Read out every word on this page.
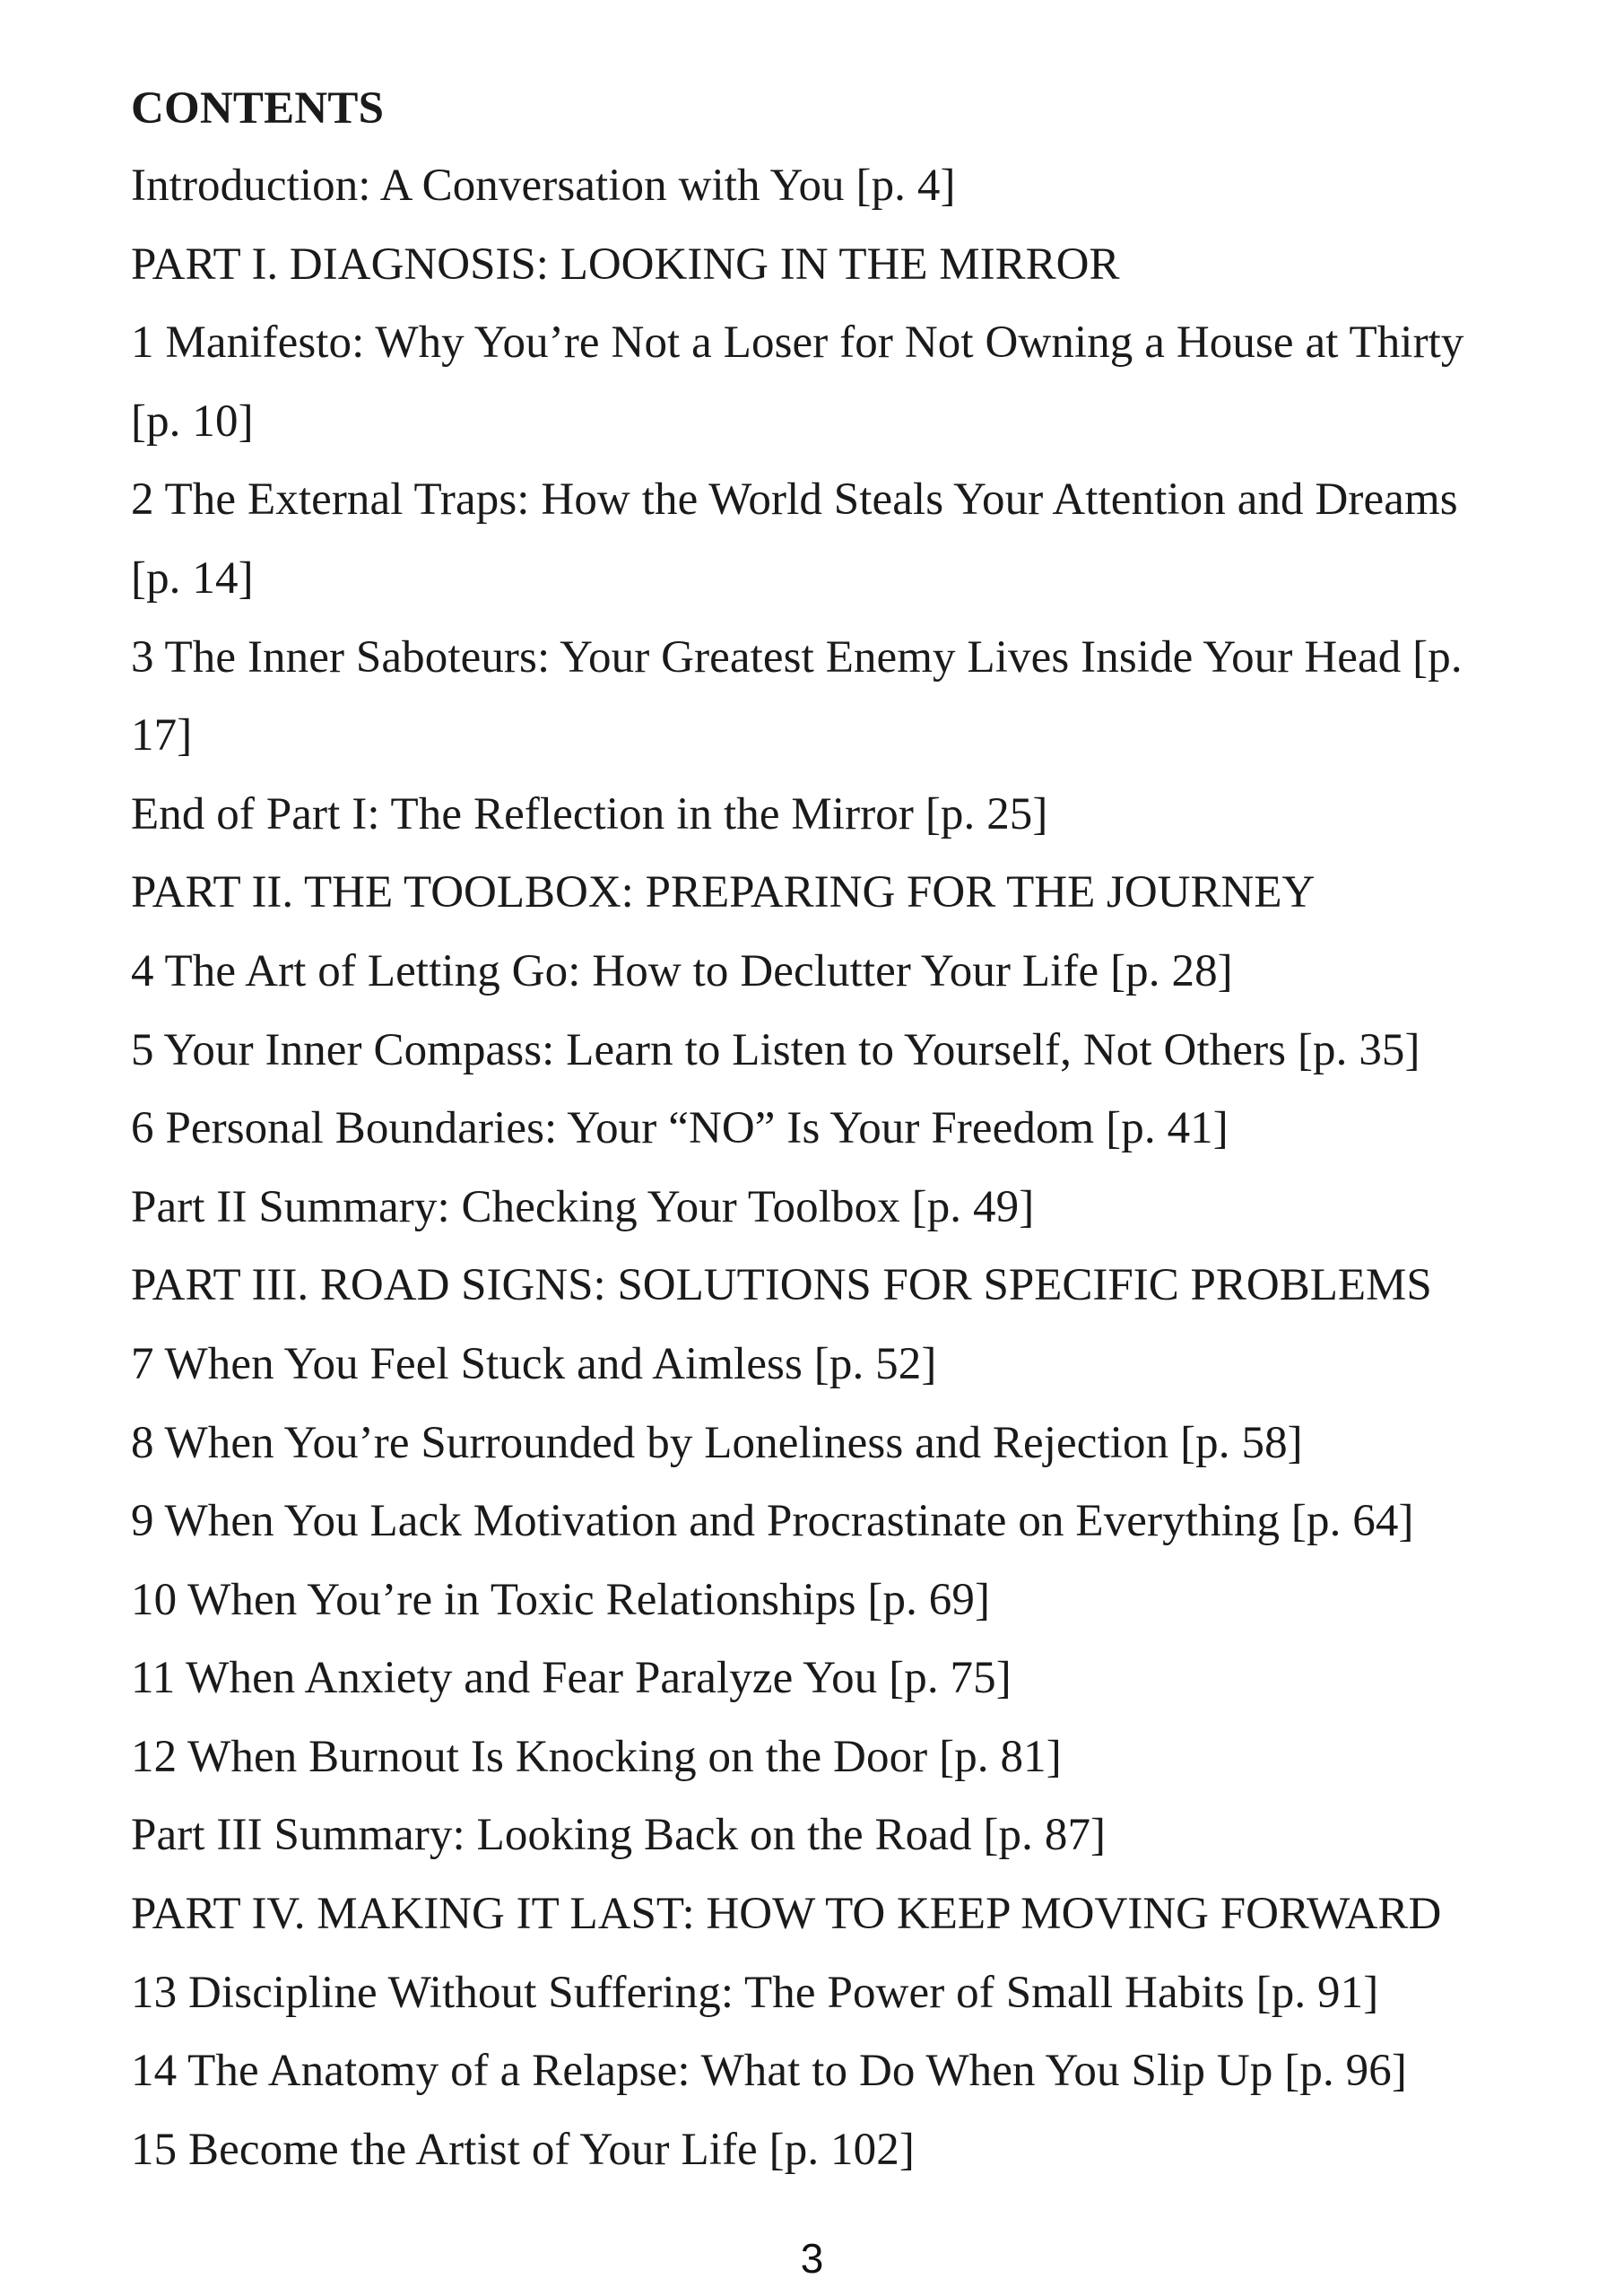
CONTENTS
Introduction: A Conversation with You [p. 4]
PART I. DIAGNOSIS: LOOKING IN THE MIRROR
1 Manifesto: Why You’re Not a Loser for Not Owning a House at Thirty
[p. 10]
2 The External Traps: How the World Steals Your Attention and Dreams
[p. 14]
3 The Inner Saboteurs: Your Greatest Enemy Lives Inside Your Head [p.
17]
End of Part I: The Reflection in the Mirror [p. 25]
PART II. THE TOOLBOX: PREPARING FOR THE JOURNEY
4 The Art of Letting Go: How to Declutter Your Life [p. 28]
5 Your Inner Compass: Learn to Listen to Yourself, Not Others [p. 35]
6 Personal Boundaries: Your “NO” Is Your Freedom [p. 41]
Part II Summary: Checking Your Toolbox [p. 49]
PART III. ROAD SIGNS: SOLUTIONS FOR SPECIFIC PROBLEMS
7 When You Feel Stuck and Aimless [p. 52]
8 When You’re Surrounded by Loneliness and Rejection [p. 58]
9 When You Lack Motivation and Procrastinate on Everything [p. 64]
10 When You’re in Toxic Relationships [p. 69]
11 When Anxiety and Fear Paralyze You [p. 75]
12 When Burnout Is Knocking on the Door [p. 81]
Part III Summary: Looking Back on the Road [p. 87]
PART IV. MAKING IT LAST: HOW TO KEEP MOVING FORWARD
13 Discipline Without Suffering: The Power of Small Habits [p. 91]
14 The Anatomy of a Relapse: What to Do When You Slip Up [p. 96]
15 Become the Artist of Your Life [p. 102]
3
